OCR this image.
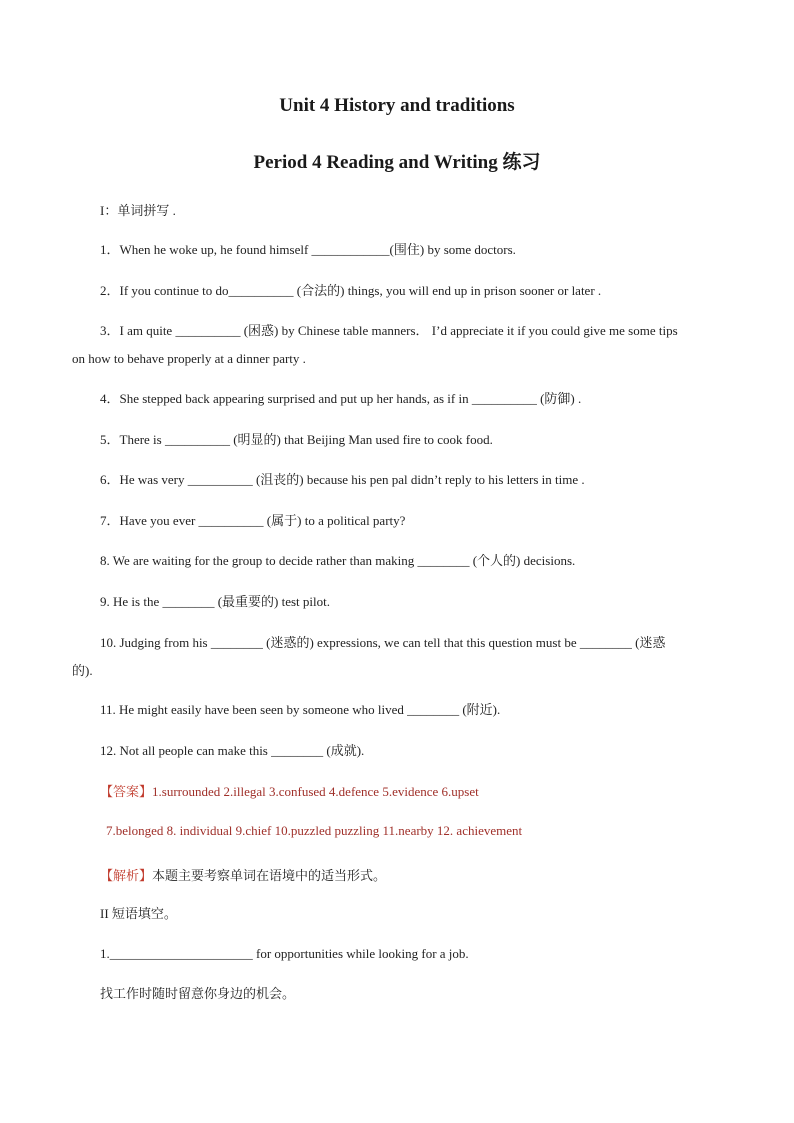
Unit 4 History and traditions
Period 4 Reading and Writing 练习
I：单词拼写 .
1．When he woke up, he found himself ____________(围住) by some doctors.
2．If you continue to do__________ (合法的) things, you will end up in prison sooner or later .
3．I am quite __________ (困惑) by Chinese table manners． I’d appreciate it if you could give me some tips
on how to behave properly at a dinner party .
4．She stepped back appearing surprised and put up her hands, as if in __________ (防御) .
5．There is __________ (明显的) that Beijing Man used fire to cook food.
6．He was very __________ (沮丧的) because his pen pal didn’t reply to his letters in time .
7．Have you ever __________ (属于) to a political party?
8. We are waiting for the group to decide rather than making ________ (个人的) decisions.
9. He is the ________ (最重要的) test pilot.
10. Judging from his ________ (迷惑的) expressions, we can tell that this question must be ________ (迷惑
的).
11. He might easily have been seen by someone who lived ________ (附近).
12. Not all people can make this ________ (成就).
【答案】1.surrounded 2.illegal 3.confused 4.defence 5.evidence 6.upset
7.belonged 8. individual 9.chief 10.puzzled puzzling 11.nearby 12. achievement
【解析】本题主要考察单词在语境中的适当形式。
II 短语填空。
1.______________________ for opportunities while looking for a job.
找工作时随时留意你身边的机会。
